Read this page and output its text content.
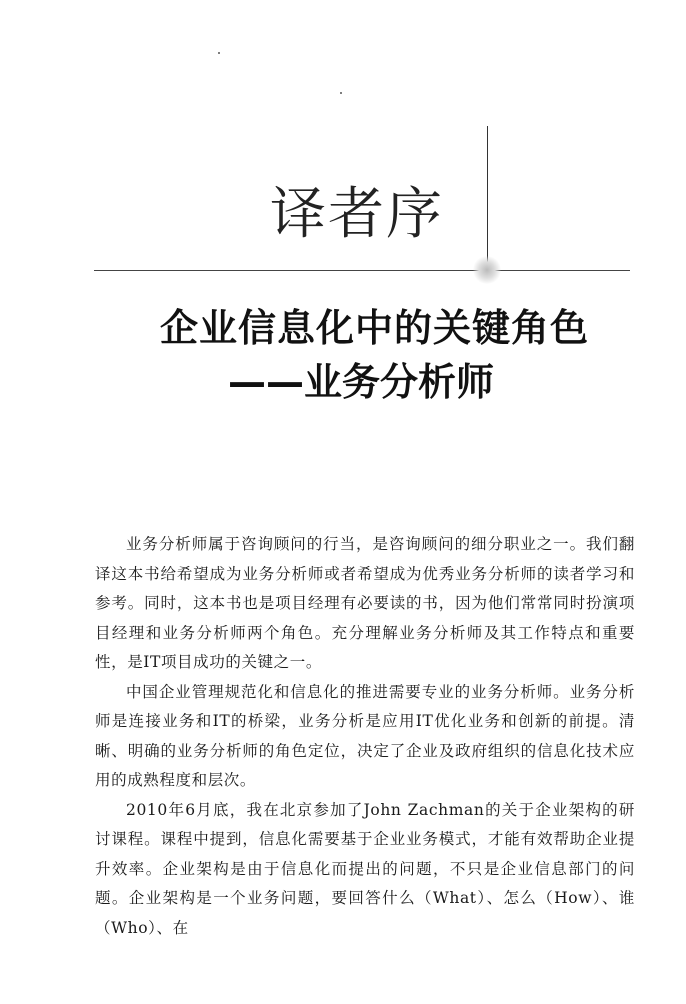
译者序
企业信息化中的关键角色
——业务分析师

业务分析师属于咨询顾问的行当，是咨询顾问的细分职业之一。我们翻译这本书给希望成为业务分析师或者希望成为优秀业务分析师的读者学习和参考。同时，这本书也是项目经理有必要读的书，因为他们常常同时扮演项目经理和业务分析师两个角色。充分理解业务分析师及其工作特点和重要性，是IT项目成功的关键之一。

中国企业管理规范化和信息化的推进需要专业的业务分析师。业务分析师是连接业务和IT的桥梁，业务分析是应用IT优化业务和创新的前提。清晰、明确的业务分析师的角色定位，决定了企业及政府组织的信息化技术应用的成熟程度和层次。

2010年6月底，我在北京参加了John Zachman的关于企业架构的研讨课程。课程中提到，信息化需要基于企业业务模式，才能有效帮助企业提升效率。企业架构是由于信息化而提出的问题，不只是企业信息部门的问题。企业架构是一个业务问题，要回答什么（What）、怎么（How）、谁（Who）、在
